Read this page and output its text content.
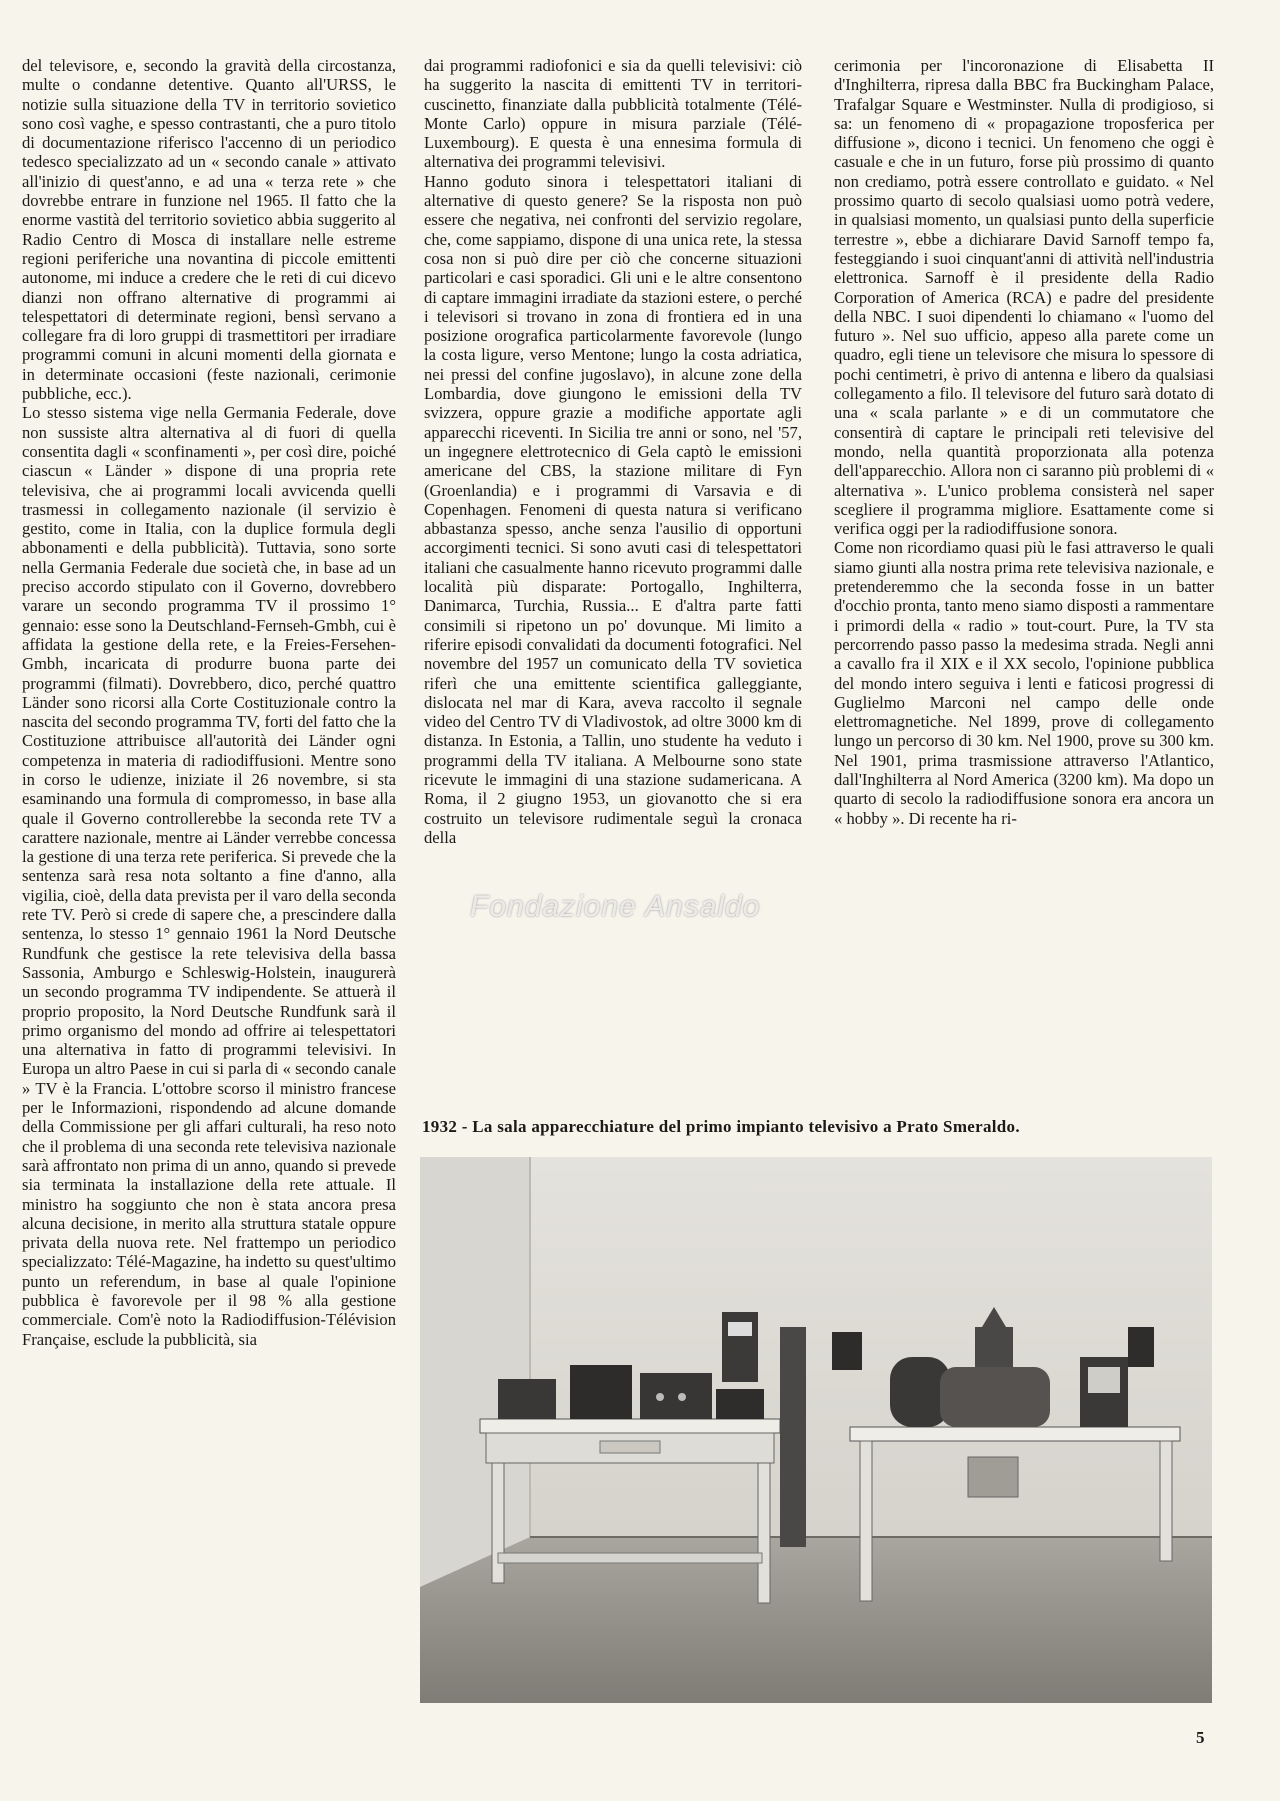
del televisore, e, secondo la gravità della circostanza, multe o condanne detentive. Quanto all'URSS, le notizie sulla situazione della TV in territorio sovietico sono così vaghe, e spesso contrastanti, che a puro titolo di documentazione riferisco l'accenno di un periodico tedesco specializzato ad un « secondo canale » attivato all'inizio di quest'anno, e ad una « terza rete » che dovrebbe entrare in funzione nel 1965. Il fatto che la enorme vastità del territorio sovietico abbia suggerito al Radio Centro di Mosca di installare nelle estreme regioni periferiche una novantina di piccole emittenti autonome, mi induce a credere che le reti di cui dicevo dianzi non offrano alternative di programmi ai telespettatori di determinate regioni, bensì servano a collegare fra di loro gruppi di trasmettitori per irradiare programmi comuni in alcuni momenti della giornata e in determinate occasioni (feste nazionali, cerimonie pubbliche, ecc.).

Lo stesso sistema vige nella Germania Federale, dove non sussiste altra alternativa al di fuori di quella consentita dagli « sconfinamenti », per così dire, poiché ciascun « Länder » dispone di una propria rete televisiva, che ai programmi locali avvicenda quelli trasmessi in collegamento nazionale (il servizio è gestito, come in Italia, con la duplice formula degli abbonamenti e della pubblicità). Tuttavia, sono sorte nella Germania Federale due società che, in base ad un preciso accordo stipulato con il Governo, dovrebbero varare un secondo programma TV il prossimo 1° gennaio: esse sono la Deutschland-Fernseh-Gmbh, cui è affidata la gestione della rete, e la Freies-Fersehen-Gmbh, incaricata di produrre buona parte dei programmi (filmati). Dovrebbero, dico, perché quattro Länder sono ricorsi alla Corte Costituzionale contro la nascita del secondo programma TV, forti del fatto che la Costituzione attribuisce all'autorità dei Länder ogni competenza in materia di radiodiffusioni. Mentre sono in corso le udienze, iniziate il 26 novembre, si sta esaminando una formula di compromesso, in base alla quale il Governo controllerebbe la seconda rete TV a carattere nazionale, mentre ai Länder verrebbe concessa la gestione di una terza rete periferica. Si prevede che la sentenza sarà resa nota soltanto a fine d'anno, alla vigilia, cioè, della data prevista per il varo della seconda rete TV. Però si crede di sapere che, a prescindere dalla sentenza, lo stesso 1° gennaio 1961 la Nord Deutsche Rundfunk che gestisce la rete televisiva della bassa Sassonia, Amburgo e Schleswig-Holstein, inaugurerà un secondo programma TV indipendente. Se attuerà il proprio proposito, la Nord Deutsche Rundfunk sarà il primo organismo del mondo ad offrire ai telespettatori una alternativa in fatto di programmi televisivi. In Europa un altro Paese in cui si parla di « secondo canale » TV è la Francia. L'ottobre scorso il ministro francese per le Informazioni, rispondendo ad alcune domande della Commissione per gli affari culturali, ha reso noto che il problema di una seconda rete televisiva nazionale sarà affrontato non prima di un anno, quando si prevede sia terminata la installazione della rete attuale. Il ministro ha soggiunto che non è stata ancora presa alcuna decisione, in merito alla struttura statale oppure privata della nuova rete. Nel frattempo un periodico specializzato: Télé-Magazine, ha indetto su quest'ultimo punto un referendum, in base al quale l'opinione pubblica è favorevole per il 98 % alla gestione commerciale. Com'è noto la Radiodiffusion-Télévision Française, esclude la pubblicità, sia

dai programmi radiofonici e sia da quelli televisivi: ciò ha suggerito la nascita di emittenti TV in territori-cuscinetto, finanziate dalla pubblicità totalmente (Télé-Monte Carlo) oppure in misura parziale (Télé-Luxembourg). E questa è una ennesima formula di alternativa dei programmi televisivi.

Hanno goduto sinora i telespettatori italiani di alternative di questo genere? Se la risposta non può essere che negativa, nei confronti del servizio regolare, che, come sappiamo, dispone di una unica rete, la stessa cosa non si può dire per ciò che concerne situazioni particolari e casi sporadici. Gli uni e le altre consentono di captare immagini irradiate da stazioni estere, o perché i televisori si trovano in zona di frontiera ed in una posizione orografica particolarmente favorevole (lungo la costa ligure, verso Mentone; lungo la costa adriatica, nei pressi del confine jugoslavo), in alcune zone della Lombardia, dove giungono le emissioni della TV svizzera, oppure grazie a modifiche apportate agli apparecchi riceventi. In Sicilia tre anni or sono, nel '57, un ingegnere elettrotecnico di Gela captò le emissioni americane del CBS, la stazione militare di Fyn (Groenlandia) e i programmi di Varsavia e di Copenhagen. Fenomeni di questa natura si verificano abbastanza spesso, anche senza l'ausilio di opportuni accorgimenti tecnici. Si sono avuti casi di telespettatori italiani che casualmente hanno ricevuto programmi dalle località più disparate: Portogallo, Inghilterra, Danimarca, Turchia, Russia... E d'altra parte fatti consimili si ripetono un po' dovunque. Mi limito a riferire episodi convalidati da documenti fotografici. Nel novembre del 1957 un comunicato della TV sovietica riferì che una emittente scientifica galleggiante, dislocata nel mar di Kara, aveva raccolto il segnale video del Centro TV di Vladivostok, ad oltre 3000 km di distanza. In Estonia, a Tallin, uno studente ha veduto i programmi della TV italiana. A Melbourne sono state ricevute le immagini di una stazione sudamericana. A Roma, il 2 giugno 1953, un giovanotto che si era costruito un televisore rudimentale seguì la cronaca della

cerimonia per l'incoronazione di Elisabetta II d'Inghilterra, ripresa dalla BBC fra Buckingham Palace, Trafalgar Square e Westminster. Nulla di prodigioso, si sa: un fenomeno di « propagazione troposferica per diffusione », dicono i tecnici. Un fenomeno che oggi è casuale e che in un futuro, forse più prossimo di quanto non crediamo, potrà essere controllato e guidato. « Nel prossimo quarto di secolo qualsiasi uomo potrà vedere, in qualsiasi momento, un qualsiasi punto della superficie terrestre », ebbe a dichiarare David Sarnoff tempo fa, festeggiando i suoi cinquant'anni di attività nell'industria elettronica. Sarnoff è il presidente della Radio Corporation of America (RCA) e padre del presidente della NBC. I suoi dipendenti lo chiamano « l'uomo del futuro ». Nel suo ufficio, appeso alla parete come un quadro, egli tiene un televisore che misura lo spessore di pochi centimetri, è privo di antenna e libero da qualsiasi collegamento a filo. Il televisore del futuro sarà dotato di una « scala parlante » e di un commutatore che consentirà di captare le principali reti televisive del mondo, nella quantità proporzionata alla potenza dell'apparecchio. Allora non ci saranno più problemi di « alternativa ». L'unico problema consisterà nel saper scegliere il programma migliore. Esattamente come si verifica oggi per la radiodiffusione sonora.

Come non ricordiamo quasi più le fasi attraverso le quali siamo giunti alla nostra prima rete televisiva nazionale, e pretenderemmo che la seconda fosse in un batter d'occhio pronta, tanto meno siamo disposti a rammentare i primordi della « radio » tout-court. Pure, la TV sta percorrendo passo passo la medesima strada. Negli anni a cavallo fra il XIX e il XX secolo, l'opinione pubblica del mondo intero seguiva i lenti e faticosi progressi di Guglielmo Marconi nel campo delle onde elettromagnetiche. Nel 1899, prove di collegamento lungo un percorso di 30 km. Nel 1900, prove su 300 km. Nel 1901, prima trasmissione attraverso l'Atlantico, dall'Inghilterra al Nord America (3200 km). Ma dopo un quarto di secolo la radiodiffusione sonora era ancora un « hobby ». Di recente ha ri-

1932 - La sala apparecchiature del primo impianto televisivo a Prato Smeraldo.
Fondazione Ansaldo
5
